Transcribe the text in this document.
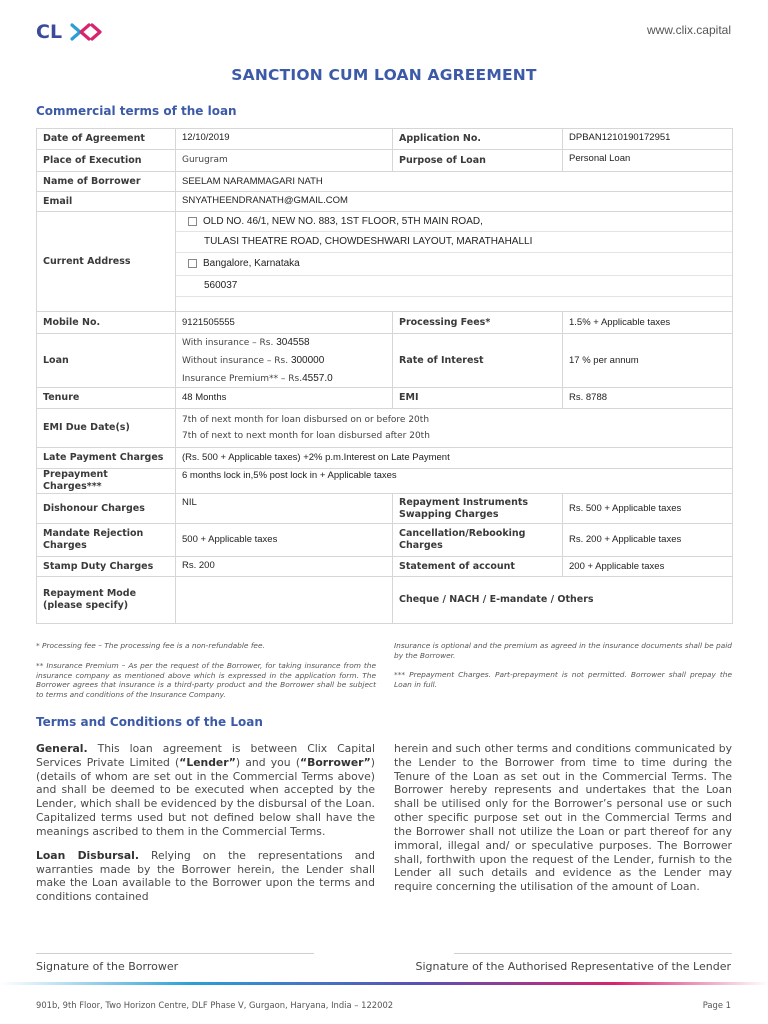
CL	www.clix.capital
SANCTION CUM LOAN AGREEMENT
Commercial terms of the loan
Date of Agreement	12/10/2019	Application No.	DPBAN1210190172951
Place of Execution	Gurugram	Purpose of Loan	Personal Loan
Name of Borrower	SEELAM NARAMMAGARI NATH		
Email	SNYATHEENDRANATH@GMAIL.COM		
Current Address	OLD NO. 46/1, NEW NO. 883, 1ST FLOOR, 5TH MAIN ROAD,
TULASI THEATRE ROAD, CHOWDESHWARI LAYOUT, MARATHAHALLI
Bangalore, Karnataka
560037		

Mobile No.	9121505555	Processing Fees*	1.5% + Applicable taxes
Loan	With insurance – Rs. 304558
Without insurance – Rs. 300000
Insurance Premium** – Rs.4557.0	Rate of Interest	17 % per annum
Tenure	48 Months	EMI	Rs. 8788
EMI Due Date(s)	7th of next month for loan disbursed on or before 20th
7th of next to next month for loan disbursed after 20th		

Late Payment Charges	(Rs. 500 + Applicable taxes) +2% p.m.Interest on Late Payment		
Prepayment Charges***	6 months lock in,5% post lock in + Applicable taxes		
Dishonour Charges	NIL	Repayment Instruments Swapping Charges	Rs. 500 + Applicable taxes
Mandate Rejection Charges	500 + Applicable taxes	Cancellation/Rebooking Charges	Rs. 200 + Applicable taxes
Stamp Duty Charges	Rs. 200	Statement of account	200 + Applicable taxes
Repayment Mode (please specify)		Cheque / NACH / E-mandate / Others	
* Processing fee – The processing fee is a non-refundable fee.
** Insurance Premium – As per the request of the Borrower, for taking insurance from the insurance company as mentioned above which is expressed in the application form. The Borrower agrees that insurance is a third-party product and the Borrower shall be subject to terms and conditions of the Insurance Company.
Insurance is optional and the premium as agreed in the insurance documents shall be paid by the Borrower.
*** Prepayment Charges. Part-prepayment is not permitted. Borrower shall prepay the Loan in full.
Terms and Conditions of the Loan

General. This loan agreement is between Clix Capital Services Private Limited (“Lender”) and you (“Borrower”) (details of whom are set out in the Commercial Terms above) and shall be deemed to be executed when accepted by the Lender, which shall be evidenced by the disbursal of the Loan. Capitalized terms used but not defined below shall have the meanings ascribed to them in the Commercial Terms.

Loan Disbursal. Relying on the representations and warranties made by the Borrower herein, the Lender shall make the Loan available to the Borrower upon the terms and conditions contained

herein and such other terms and conditions communicated by the Lender to the Borrower from time to time during the Tenure of the Loan as set out in the Commercial Terms. The Borrower hereby represents and undertakes that the Loan shall be utilised only for the Borrower’s personal use or such other specific purpose set out in the Commercial Terms and the Borrower shall not utilize the Loan or part thereof for any immoral, illegal and/ or speculative purposes. The Borrower shall, forthwith upon the request of the Lender, furnish to the Lender all such details and evidence as the Lender may require concerning the utilisation of the amount of Loan.

Signature of the Borrower	Signature of the Authorised Representative of the Lender
901b, 9th Floor, Two Horizon Centre, DLF Phase V, Gurgaon, Haryana, India – 122002	Page 1
